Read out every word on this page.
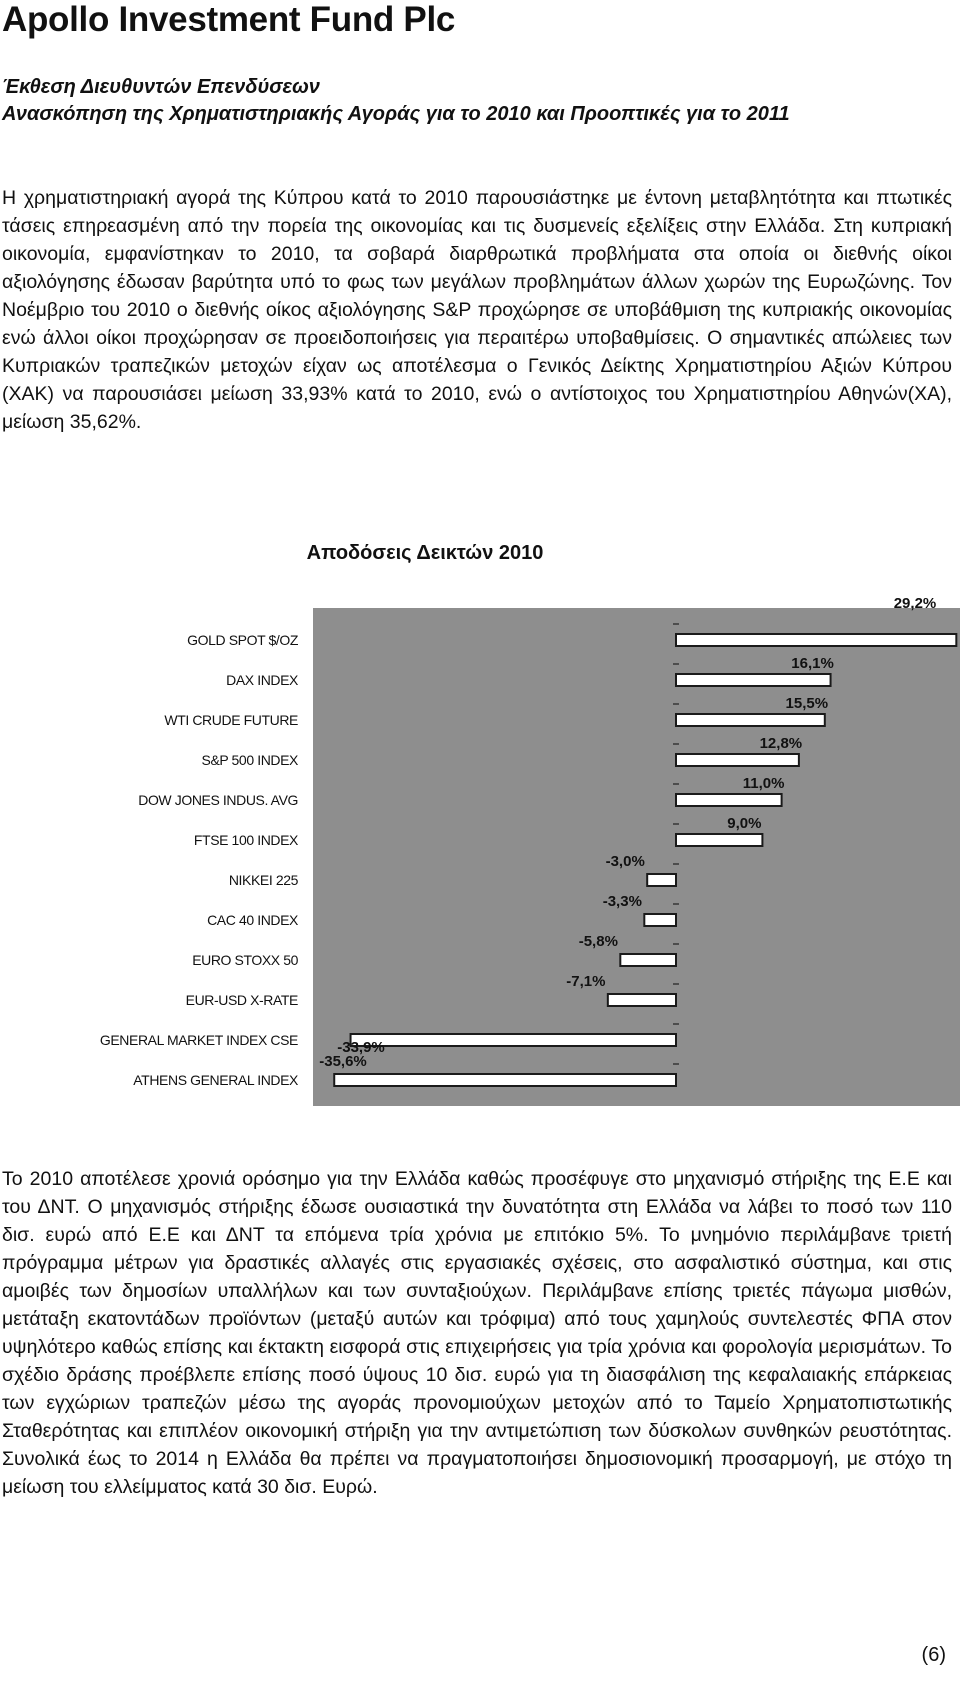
Apollo Investment Fund Plc
Έκθεση Διευθυντών Επενδύσεων
Ανασκόπηση της Χρηματιστηριακής Αγοράς για το 2010 και Προοπτικές για το 2011

Η χρηματιστηριακή αγορά της Κύπρου κατά το 2010 παρουσιάστηκε με έντονη μεταβλητότητα και πτωτικές τάσεις επηρεασμένη από την πορεία της οικονομίας και τις δυσμενείς εξελίξεις στην Ελλάδα. Στη κυπριακή οικονομία, εμφανίστηκαν το 2010, τα σοβαρά διαρθρωτικά προβλήματα στα οποία οι διεθνής οίκοι αξιολόγησης έδωσαν βαρύτητα υπό το φως των μεγάλων προβλημάτων άλλων χωρών της Ευρωζώνης. Τον Νοέμβριο του 2010 ο διεθνής οίκος αξιολόγησης S&P προχώρησε σε υποβάθμιση της κυπριακής οικονομίας ενώ άλλοι οίκοι προχώρησαν σε προειδοποιήσεις για περαιτέρω υποβαθμίσεις. Ο σημαντικές απώλειες των Κυπριακών τραπεζικών μετοχών είχαν ως αποτέλεσμα ο Γενικός Δείκτης Χρηματιστηρίου Αξιών Κύπρου (ΧΑΚ) να παρουσιάσει μείωση 33,93% κατά το 2010, ενώ ο αντίστοιχος του Χρηματιστηρίου Αθηνών(ΧΑ), μείωση 35,62%.

Αποδόσεις Δεικτών 2010
GOLD SPOT $/OZ
29,2%
DAX INDEX
16,1%
WTI CRUDE FUTURE
15,5%
S&P 500 INDEX
12,8%
DOW JONES INDUS. AVG
11,0%
FTSE 100 INDEX
9,0%
NIKKEI 225
-3,0%
CAC 40 INDEX
-3,3%
EURO STOXX 50
-5,8%
EUR-USD X-RATE
-7,1%
GENERAL MARKET INDEX CSE	-33,9%
ATHENS GENERAL INDEX
-35,6%

Το 2010 αποτέλεσε χρονιά ορόσημο για την Ελλάδα καθώς προσέφυγε στο μηχανισμό στήριξης της Ε.Ε και του ΔΝΤ. Ο μηχανισμός στήριξης έδωσε ουσιαστικά την δυνατότητα στη Ελλάδα να λάβει το ποσό των 110 δισ. ευρώ από Ε.Ε και ΔΝΤ τα επόμενα τρία χρόνια με επιτόκιο 5%. Το μνημόνιο περιλάμβανε τριετή πρόγραμμα μέτρων για δραστικές αλλαγές στις εργασιακές σχέσεις, στο ασφαλιστικό σύστημα, και στις αμοιβές των δημοσίων υπαλλήλων και των συνταξιούχων. Περιλάμβανε επίσης τριετές πάγωμα μισθών, μετάταξη εκατοντάδων προϊόντων (μεταξύ αυτών και τρόφιμα) από τους χαμηλούς συντελεστές ΦΠΑ στον υψηλότερο καθώς επίσης και έκτακτη εισφορά στις επιχειρήσεις για τρία χρόνια και φορολογία μερισμάτων. Το σχέδιο δράσης προέβλεπε επίσης ποσό ύψους 10 δισ. ευρώ για τη διασφάλιση της κεφαλαιακής επάρκειας των εγχώριων τραπεζών μέσω της αγοράς προνομιούχων μετοχών από το Ταμείο Χρηματοπιστωτικής Σταθερότητας και επιπλέον οικονομική στήριξη για την αντιμετώπιση των δύσκολων συνθηκών ρευστότητας. Συνολικά έως το 2014 η Ελλάδα θα πρέπει να πραγματοποιήσει δημοσιονομική προσαρμογή, με στόχο τη μείωση του ελλείμματος κατά 30 δισ. Ευρώ.

(6)
